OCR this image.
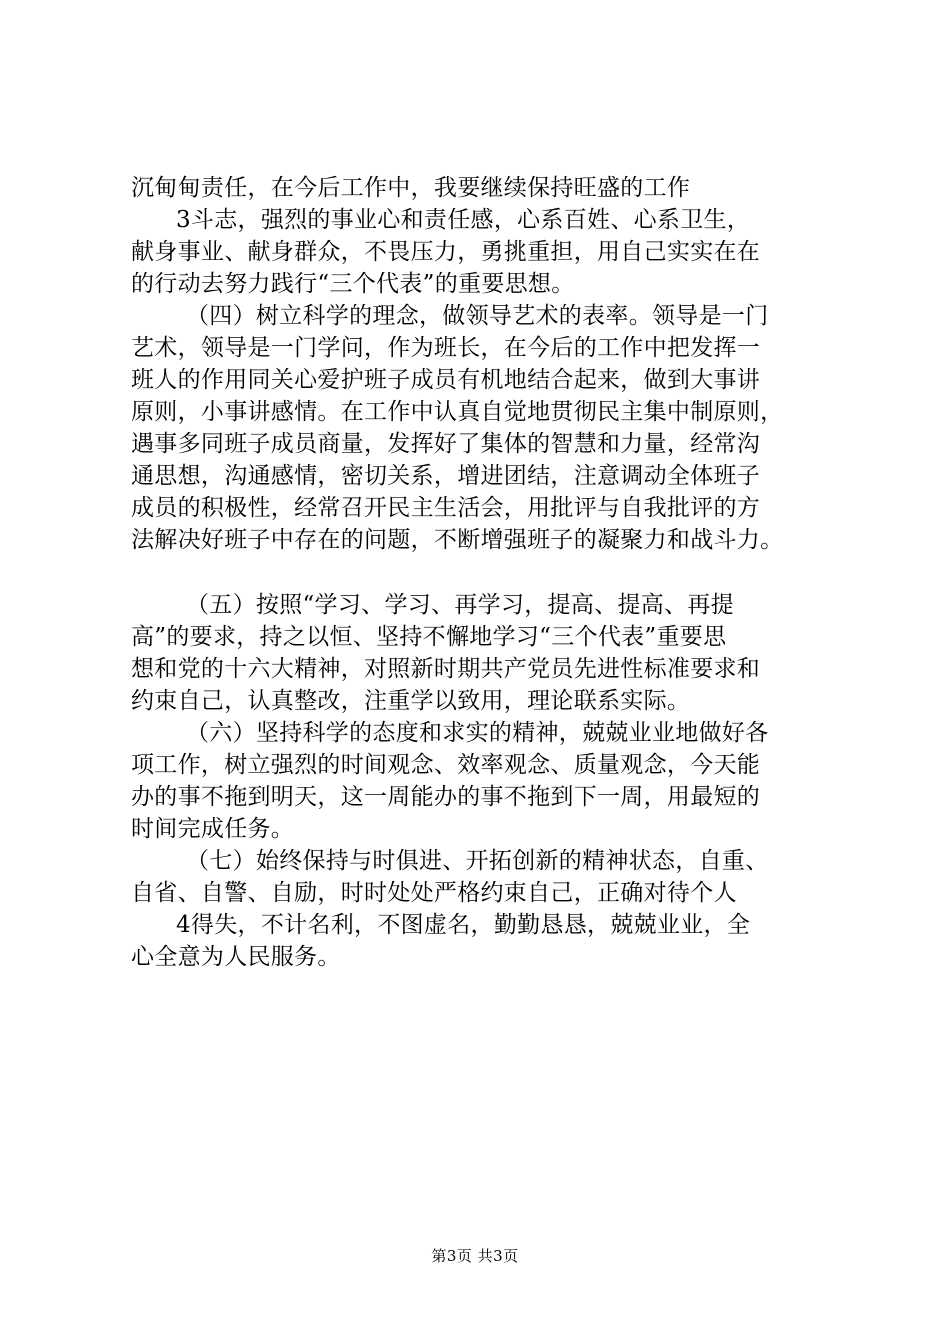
沉甸甸责任，在今后工作中，我要继续保持旺盛的工作
3斗志，强烈的事业心和责任感，心系百姓、心系卫生，
献身事业、献身群众，不畏压力，勇挑重担，用自己实实在在
的行动去努力践行“三个代表”的重要思想。
（四）树立科学的理念，做领导艺术的表率。领导是一门
艺术，领导是一门学问，作为班长，在今后的工作中把发挥一
班人的作用同关心爱护班子成员有机地结合起来，做到大事讲
原则，小事讲感情。在工作中认真自觉地贯彻民主集中制原则，
遇事多同班子成员商量，发挥好了集体的智慧和力量，经常沟
通思想，沟通感情，密切关系，增进团结，注意调动全体班子
成员的积极性，经常召开民主生活会，用批评与自我批评的方
法解决好班子中存在的问题，不断增强班子的凝聚力和战斗力。
（五）按照“学习、学习、再学习，提高、提高、再提
高”的要求，持之以恒、坚持不懈地学习“三个代表”重要思
想和党的十六大精神，对照新时期共产党员先进性标准要求和
约束自己，认真整改，注重学以致用，理论联系实际。
（六）坚持科学的态度和求实的精神，兢兢业业地做好各
项工作，树立强烈的时间观念、效率观念、质量观念，今天能
办的事不拖到明天，这一周能办的事不拖到下一周，用最短的
时间完成任务。
（七）始终保持与时俱进、开拓创新的精神状态，自重、
自省、自警、自励，时时处处严格约束自己，正确对待个人
4得失，不计名利，不图虚名，勤勤恳恳，兢兢业业，全
心全意为人民服务。
第3页 共3页
